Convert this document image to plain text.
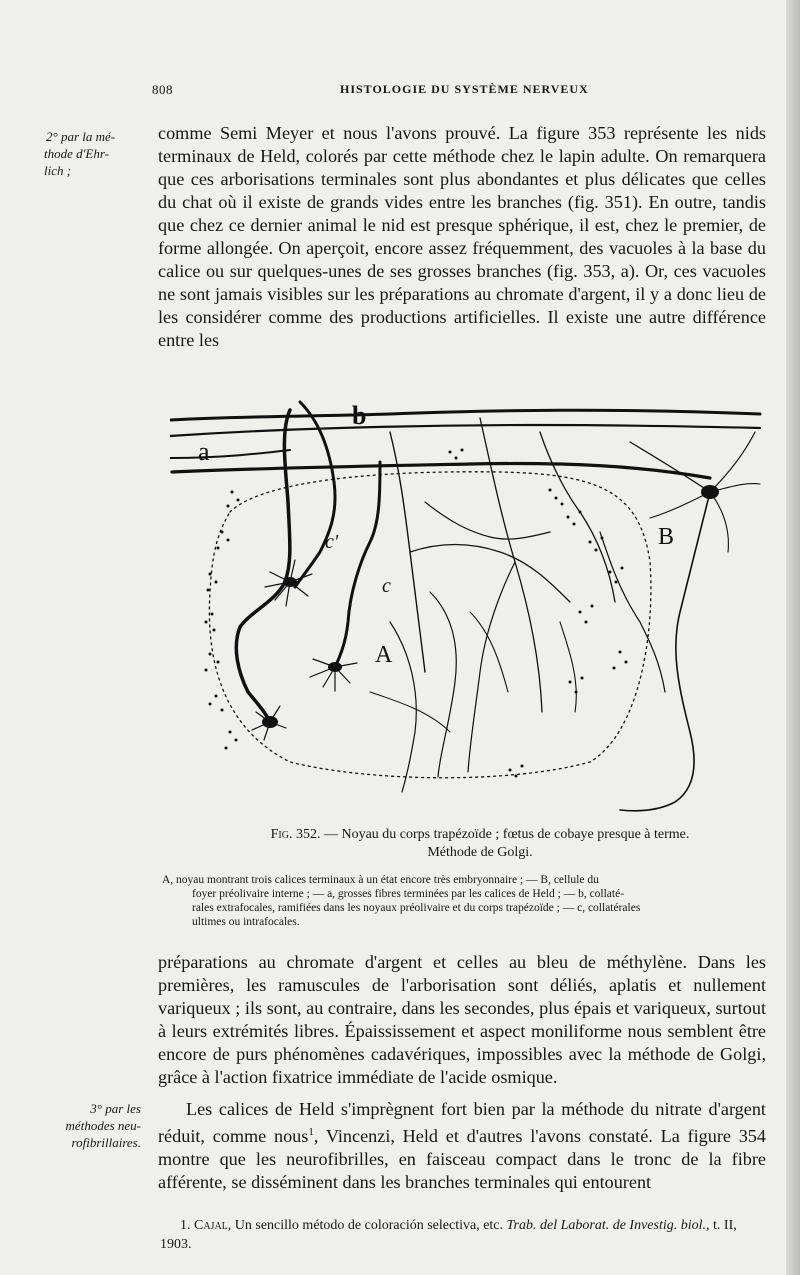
808	HISTOLOGIE DU SYSTÈME NERVEUX
2° par la mé-
thode d'Ehr-
lich ;

comme Semi Meyer et nous l'avons prouvé. La figure 353 représente les nids terminaux de Held, colorés par cette méthode chez le lapin adulte. On remarquera que ces arborisations terminales sont plus abondantes et plus délicates que celles du chat où il existe de grands vides entre les branches (fig. 351). En outre, tandis que chez ce dernier animal le nid est presque sphérique, il est, chez le premier, de forme allongée. On aperçoit, encore assez fréquemment, des vacuoles à la base du calice ou sur quelques-unes de ses grosses branches (fig. 353, a). Or, ces vacuoles ne sont jamais visibles sur les préparations au chromate d'argent, il y a donc lieu de les considérer comme des productions artificielles. Il existe une autre différence entre les

a
b
c'
c
A
B
Fig. 352. — Noyau du corps trapézoïde ; fœtus de cobaye presque à terme.
Méthode de Golgi.
A, noyau montrant trois calices terminaux à un état encore très embryonnaire ; — B, cellule du
foyer préolivaire interne ; — a, grosses fibres terminées par les calices de Held ; — b, collaté-
rales extrafocales, ramifiées dans les noyaux préolivaire et du corps trapézoïde ; — c, collatérales
ultimes ou intrafocales.

préparations au chromate d'argent et celles au bleu de méthylène. Dans les premières, les ramuscules de l'arborisation sont déliés, aplatis et nullement variqueux ; ils sont, au contraire, dans les secondes, plus épais et variqueux, surtout à leurs extrémités libres. Épaississement et aspect moniliforme nous semblent être encore de purs phénomènes cadavériques, impossibles avec la méthode de Golgi, grâce à l'action fixatrice immédiate de l'acide osmique.

3° par les
méthodes neu-
rofibrillaires.

Les calices de Held s'imprègnent fort bien par la méthode du nitrate d'argent réduit, comme nous$^1$, Vincenzi, Held et d'autres l'avons constaté. La figure 354 montre que les neurofibrilles, en faisceau compact dans le tronc de la fibre afférente, se disséminent dans les branches terminales qui entourent

1. Cajal, Un sencillo método de coloración selectiva, etc. Trab. del Laborat. de Investig. biol., t. II, 1903.
